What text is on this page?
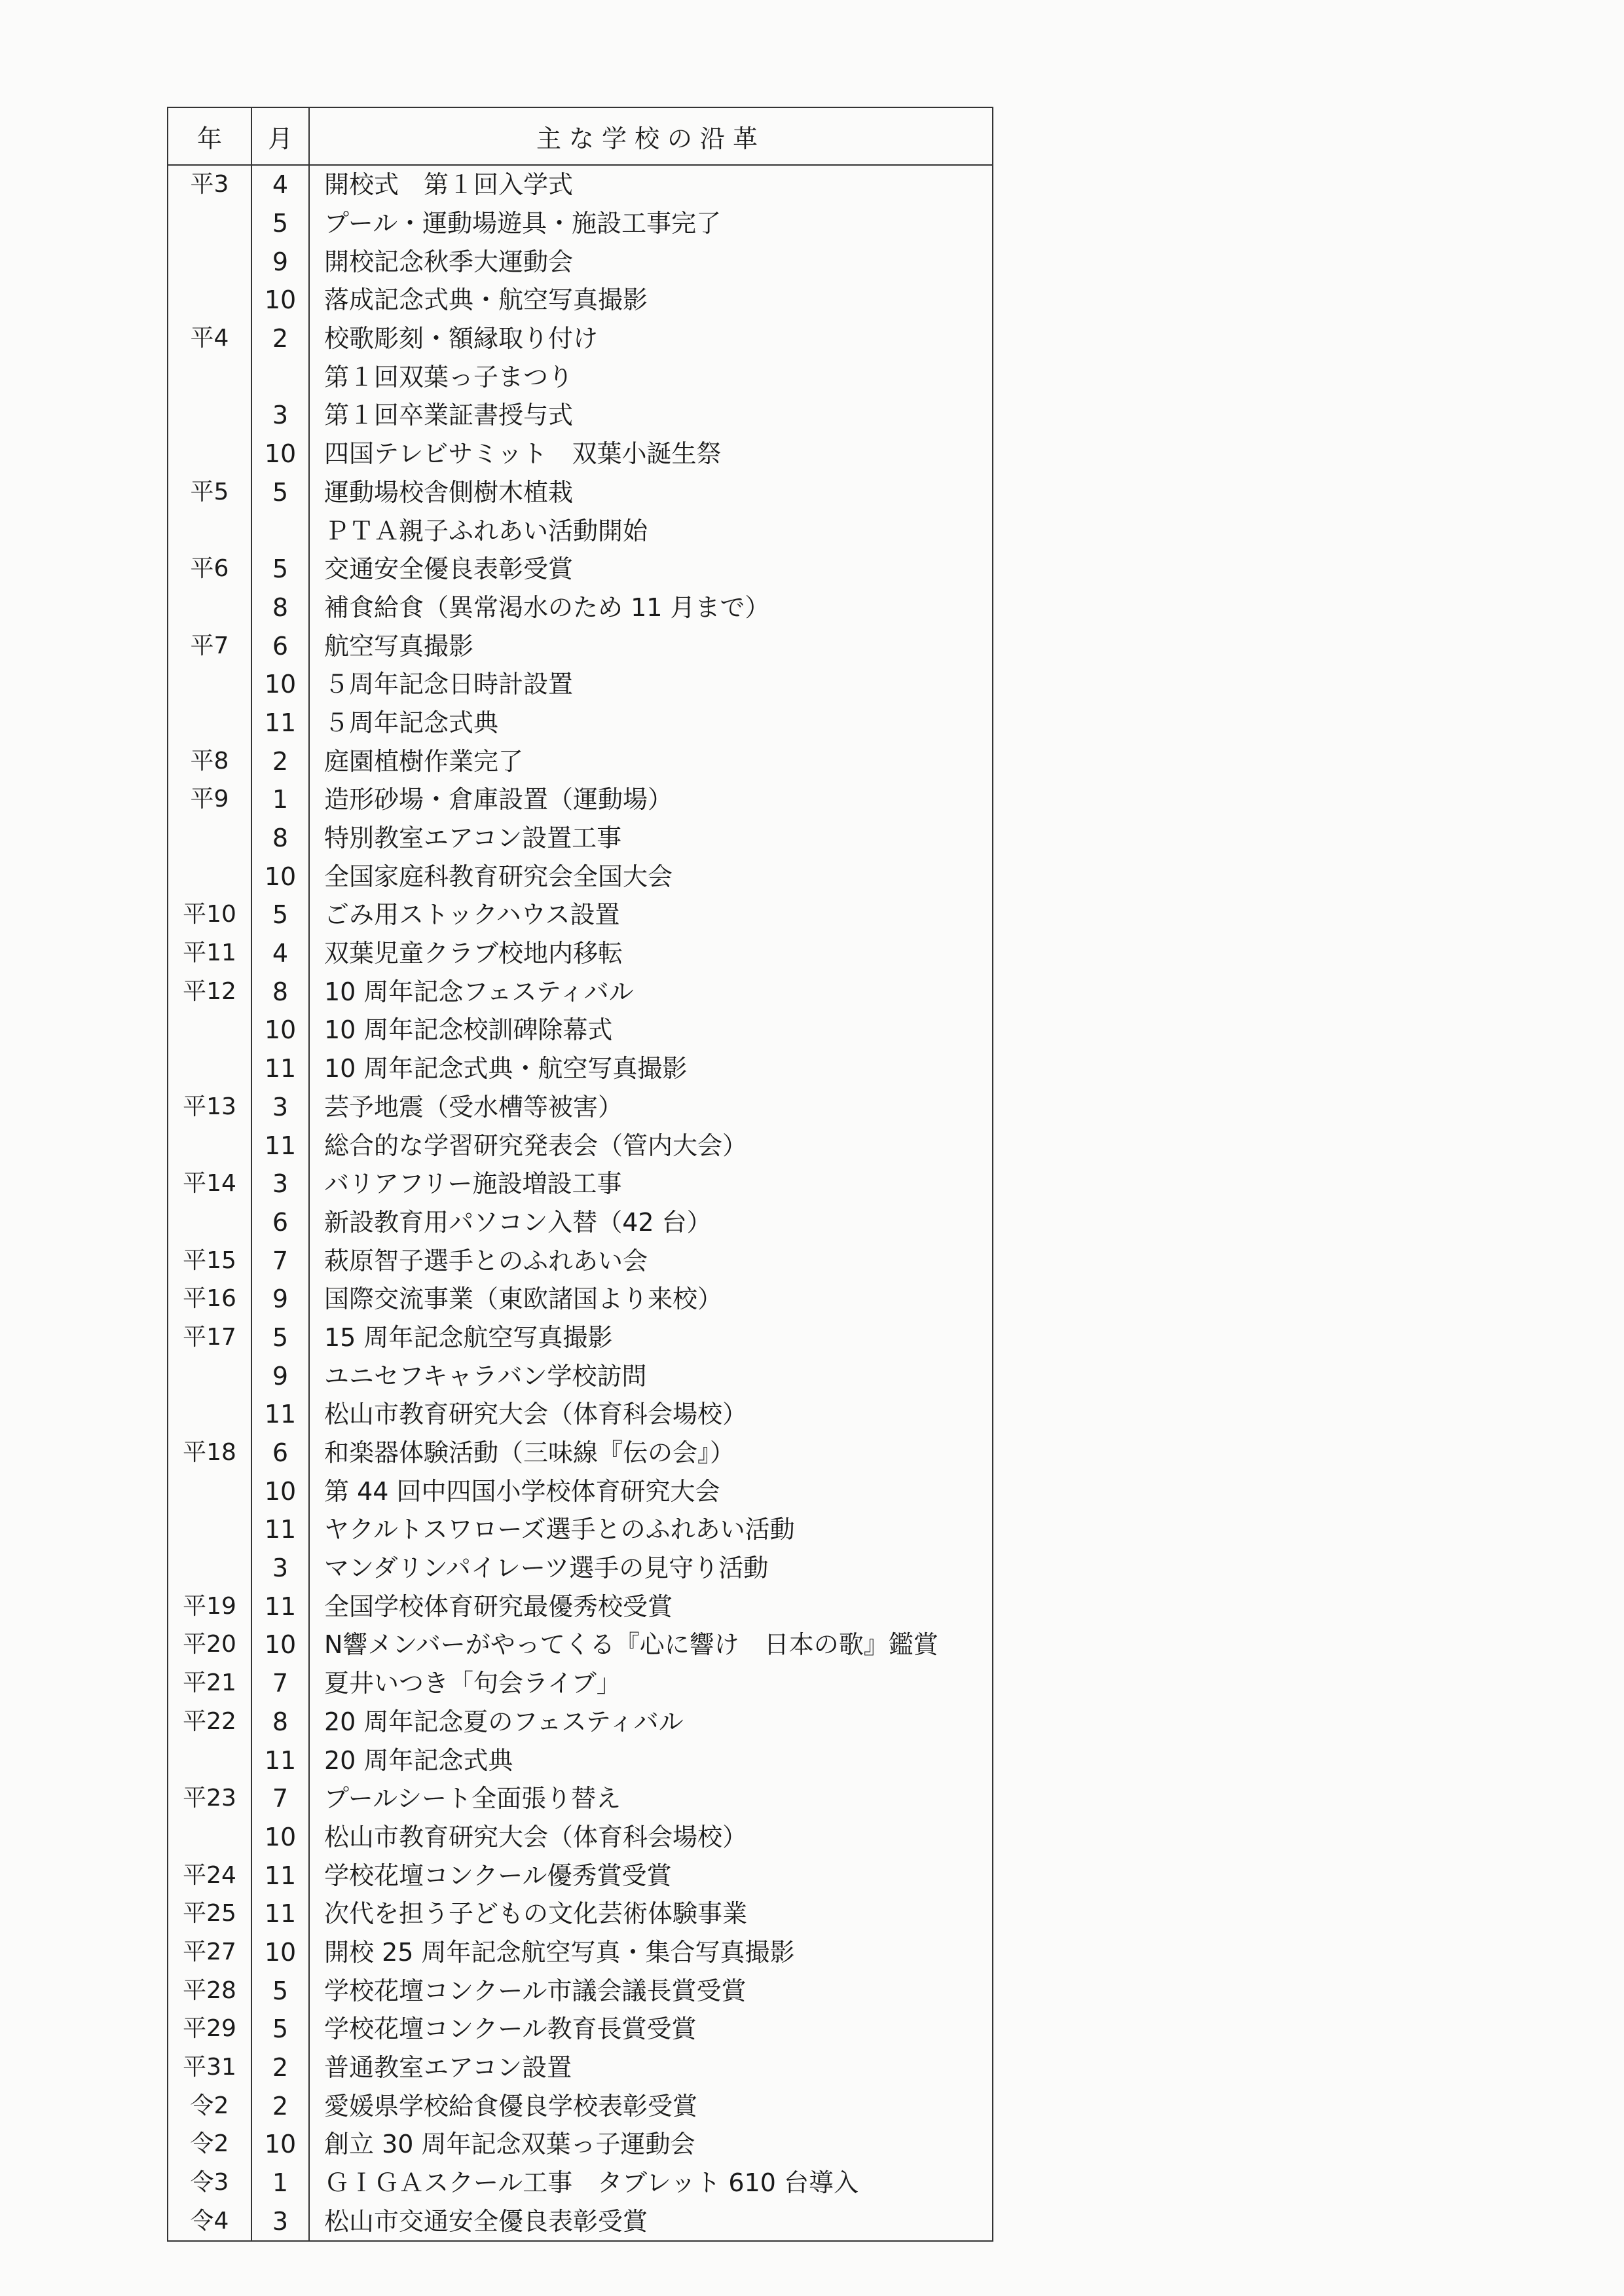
年	月	主な学校の沿革
平3	4	開校式　第１回入学式
	5	プール・運動場遊具・施設工事完了
	9	開校記念秋季大運動会
	10	落成記念式典・航空写真撮影
平4	2	校歌彫刻・額縁取り付け
		第１回双葉っ子まつり
	3	第１回卒業証書授与式
	10	四国テレビサミット　双葉小誕生祭
平5	5	運動場校舎側樹木植栽
		ＰＴＡ親子ふれあい活動開始
平6	5	交通安全優良表彰受賞
	8	補食給食（異常渇水のため 11 月まで）
平7	6	航空写真撮影
	10	５周年記念日時計設置
	11	５周年記念式典
平8	2	庭園植樹作業完了
平9	1	造形砂場・倉庫設置（運動場）
	8	特別教室エアコン設置工事
	10	全国家庭科教育研究会全国大会
平10	5	ごみ用ストックハウス設置
平11	4	双葉児童クラブ校地内移転
平12	8	10 周年記念フェスティバル
	10	10 周年記念校訓碑除幕式
	11	10 周年記念式典・航空写真撮影
平13	3	芸予地震（受水槽等被害）
	11	総合的な学習研究発表会（管内大会）
平14	3	バリアフリー施設増設工事
	6	新設教育用パソコン入替（42 台）
平15	7	萩原智子選手とのふれあい会
平16	9	国際交流事業（東欧諸国より来校）
平17	5	15 周年記念航空写真撮影
	9	ユニセフキャラバン学校訪問
	11	松山市教育研究大会（体育科会場校）
平18	6	和楽器体験活動（三味線『伝の会』）
	10	第 44 回中四国小学校体育研究大会
	11	ヤクルトスワローズ選手とのふれあい活動
	3	マンダリンパイレーツ選手の見守り活動
平19	11	全国学校体育研究最優秀校受賞
平20	10	N響メンバーがやってくる『心に響け　日本の歌』鑑賞
平21	7	夏井いつき「句会ライブ」
平22	8	20 周年記念夏のフェスティバル
	11	20 周年記念式典
平23	7	プールシート全面張り替え
	10	松山市教育研究大会（体育科会場校）
平24	11	学校花壇コンクール優秀賞受賞
平25	11	次代を担う子どもの文化芸術体験事業
平27	10	開校 25 周年記念航空写真・集合写真撮影
平28	5	学校花壇コンクール市議会議長賞受賞
平29	5	学校花壇コンクール教育長賞受賞
平31	2	普通教室エアコン設置
令2	2	愛媛県学校給食優良学校表彰受賞
令2	10	創立 30 周年記念双葉っ子運動会
令3	1	ＧＩＧＡスクール工事　タブレット 610 台導入
令4	3	松山市交通安全優良表彰受賞
